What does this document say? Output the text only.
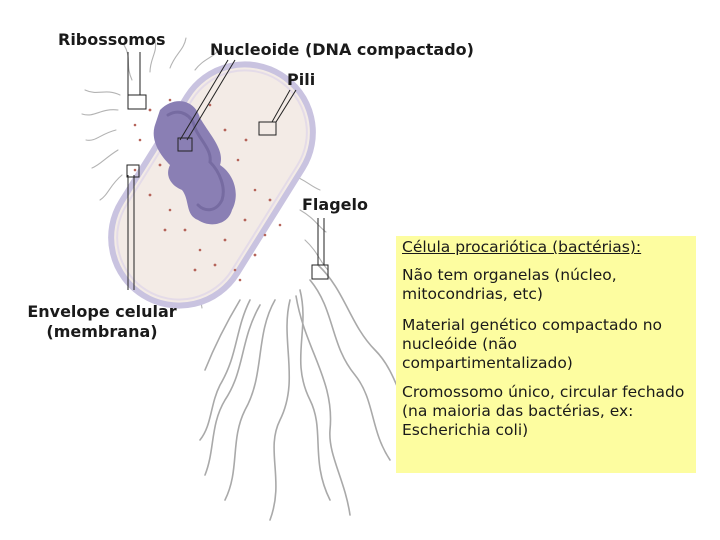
Ribossomos
Nucleoide (DNA compactado)
Pili
Flagelo
Envelope celular
(membrana)
Célula procariótica (bactérias):
Não tem organelas (núcleo, mitocondrias, etc)
Material genético compactado no nucleóide (não compartimentalizado)
Cromossomo único, circular fechado (na maioria das bactérias, ex: Escherichia coli)
